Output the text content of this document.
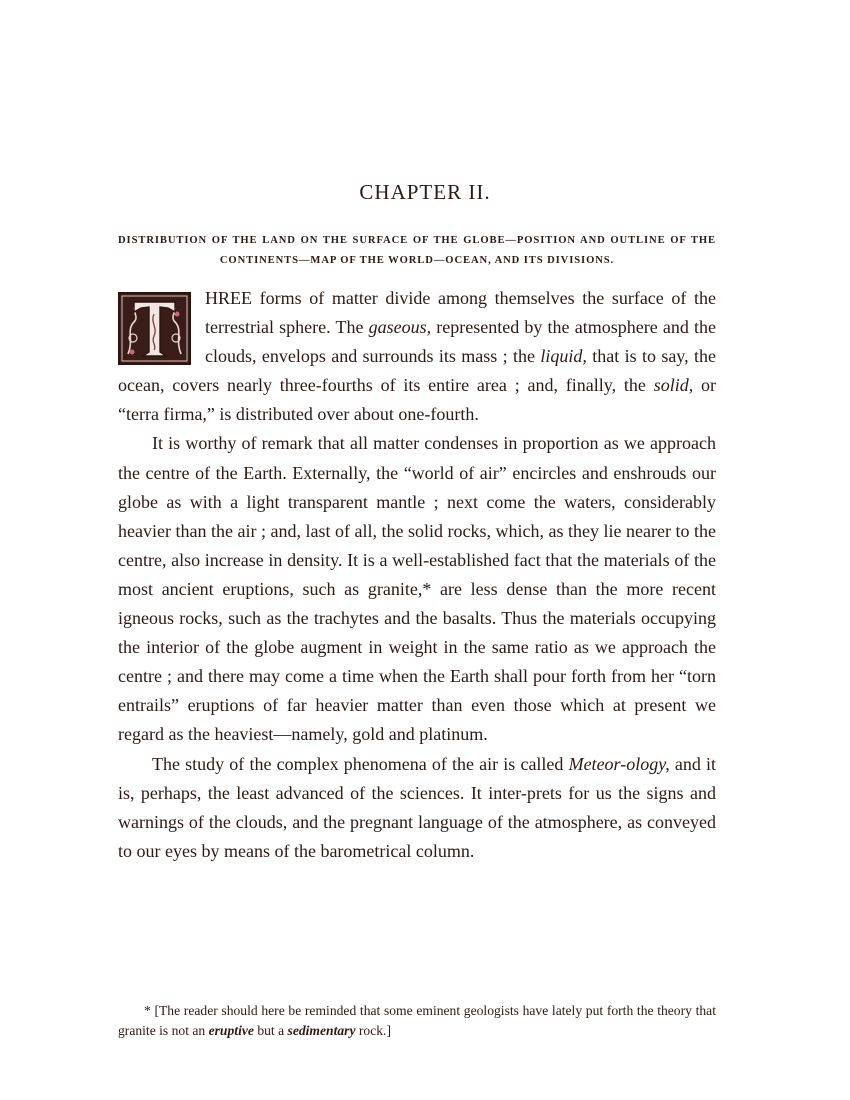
CHAPTER II.
DISTRIBUTION OF THE LAND ON THE SURFACE OF THE GLOBE—POSITION AND OUTLINE OF THE CONTINENTS—MAP OF THE WORLD—OCEAN, AND ITS DIVISIONS.

HREE forms of matter divide among themselves the surface of the terrestrial sphere. The gaseous, represented by the atmosphere and the clouds, envelops and surrounds its mass ; the liquid, that is to say, the ocean, covers nearly three-fourths of its entire area ; and, finally, the solid, or “terra firma,” is distributed over about one-fourth.

It is worthy of remark that all matter condenses in proportion as we approach the centre of the Earth. Externally, the “world of air” encircles and enshrouds our globe as with a light transparent mantle ; next come the waters, considerably heavier than the air ; and, last of all, the solid rocks, which, as they lie nearer to the centre, also increase in density. It is a well-established fact that the materials of the most ancient eruptions, such as granite,* are less dense than the more recent igneous rocks, such as the trachytes and the basalts. Thus the materials occupying the interior of the globe augment in weight in the same ratio as we approach the centre ; and there may come a time when the Earth shall pour forth from her “torn entrails” eruptions of far heavier matter than even those which at present we regard as the heaviest—namely, gold and platinum.

The study of the complex phenomena of the air is called Meteor-ology, and it is, perhaps, the least advanced of the sciences. It inter-prets for us the signs and warnings of the clouds, and the pregnant language of the atmosphere, as conveyed to our eyes by means of the barometrical column.

* [The reader should here be reminded that some eminent geologists have lately put forth the theory that granite is not an eruptive but a sedimentary rock.]
